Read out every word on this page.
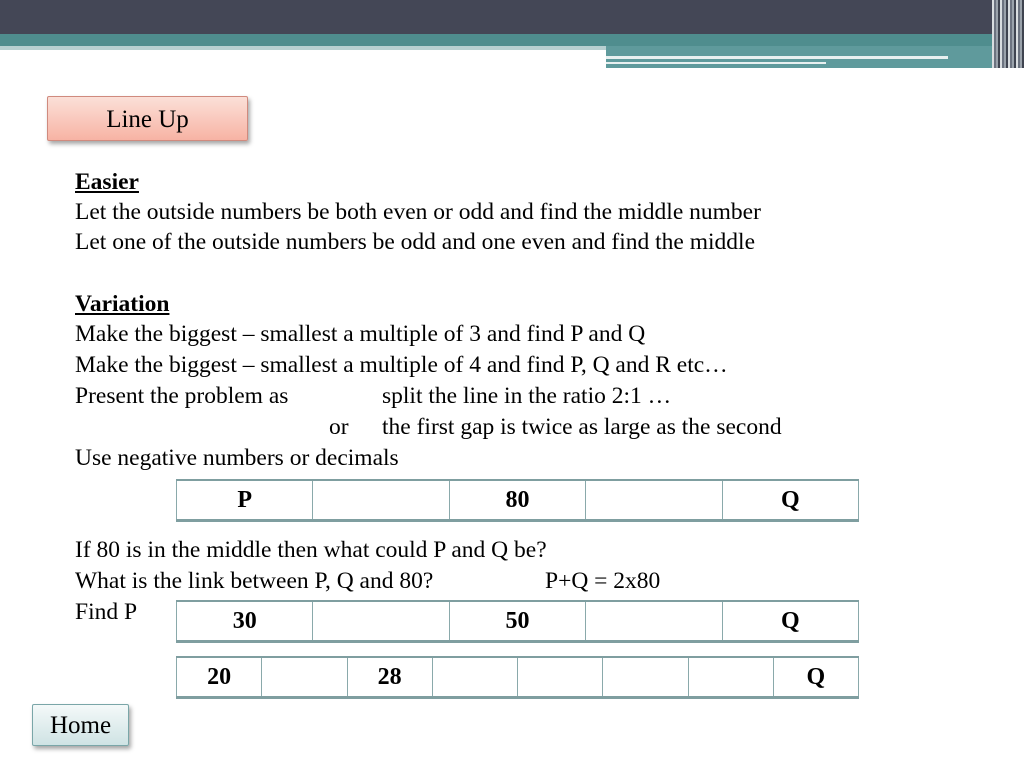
Line Up
Easier
Let the outside numbers be both even or odd and find the middle number
Let one of the outside numbers be odd and one even and find the middle
Variation
Make the biggest – smallest a multiple of 3 and find P and Q
Make the biggest – smallest a multiple of 4 and find P, Q and R etc…
Present the problem as	split the line in the ratio 2:1 …
or the first gap is twice as large as the second
Use negative numbers or decimals
P		80		Q
If 80 is in the middle then what could P and Q be?
What is the link between P, Q and 80?	P+Q = 2x80
Find P	30		50		Q
20		28					Q
Home
